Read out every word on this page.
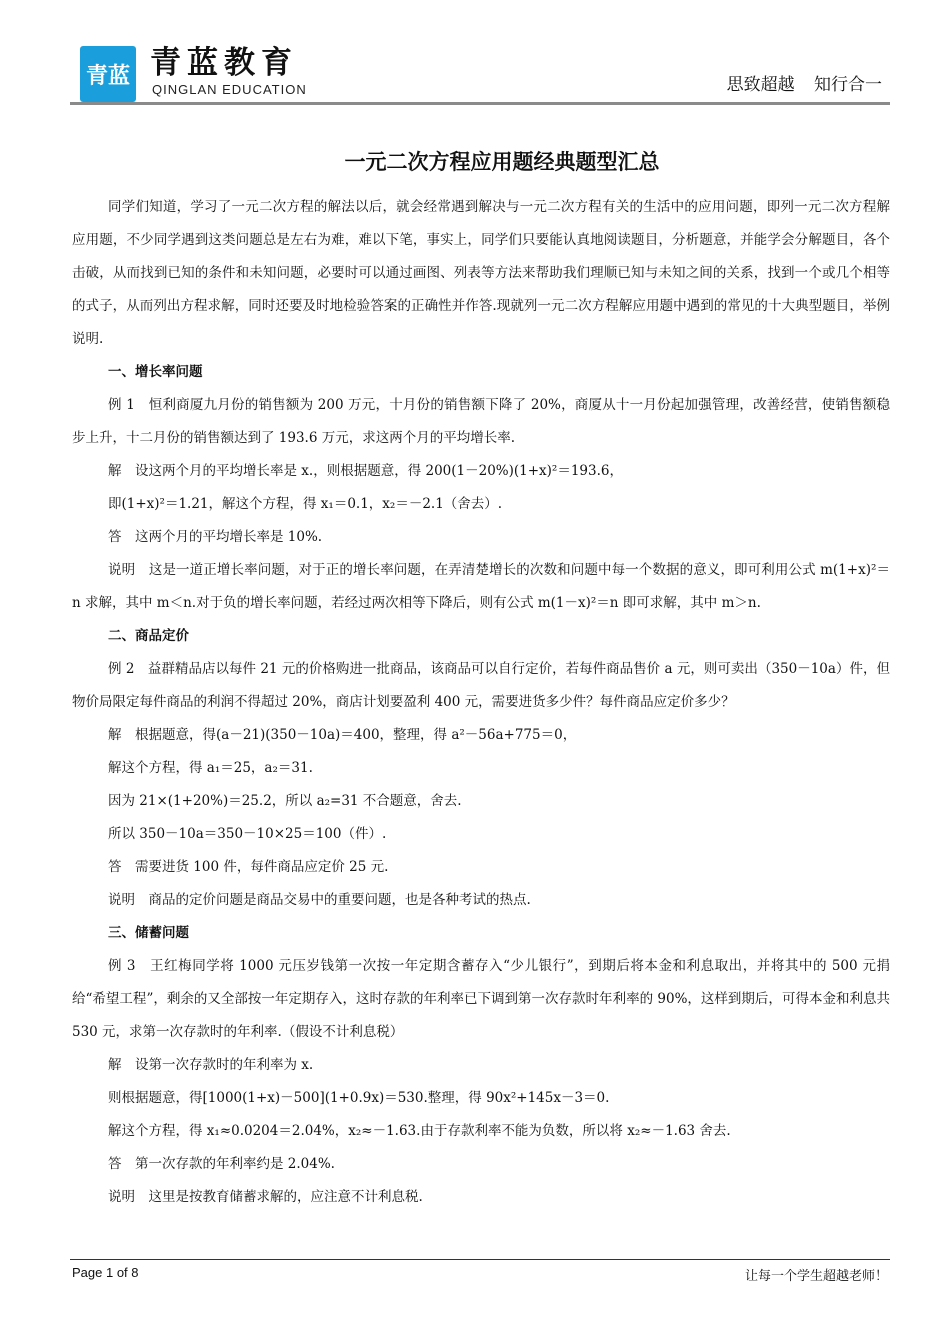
青蓝 青蓝教育
QINGLAN EDUCATION	思致超越 知行合一
一元二次方程应用题经典题型汇总

同学们知道，学习了一元二次方程的解法以后，就会经常遇到解决与一元二次方程有关的生活中的应用问题，即列一元二次方程解应用题，不少同学遇到这类问题总是左右为难，难以下笔，事实上，同学们只要能认真地阅读题目，分析题意，并能学会分解题目，各个击破，从而找到已知的条件和未知问题，必要时可以通过画图、列表等方法来帮助我们理顺已知与未知之间的关系，找到一个或几个相等的式子，从而列出方程求解，同时还要及时地检验答案的正确性并作答.现就列一元二次方程解应用题中遇到的常见的十大典型题目，举例说明.

一、增长率问题

例 1　恒利商厦九月份的销售额为 200 万元，十月份的销售额下降了 20%，商厦从十一月份起加强管理，改善经营，使销售额稳步上升，十二月份的销售额达到了 193.6 万元，求这两个月的平均增长率.

解　设这两个月的平均增长率是 x.，则根据题意，得 200(1－20%)(1+x)²＝193.6，

即(1+x)²＝1.21，解这个方程，得 x₁＝0.1，x₂＝－2.1（舍去）.

答　这两个月的平均增长率是 10%.

说明　这是一道正增长率问题，对于正的增长率问题，在弄清楚增长的次数和问题中每一个数据的意义，即可利用公式 m(1+x)²＝n 求解，其中 m＜n.对于负的增长率问题，若经过两次相等下降后，则有公式 m(1－x)²＝n 即可求解，其中 m＞n.

二、商品定价

例 2　益群精品店以每件 21 元的价格购进一批商品，该商品可以自行定价，若每件商品售价 a 元，则可卖出（350－10a）件，但物价局限定每件商品的利润不得超过 20%，商店计划要盈利 400 元，需要进货多少件？每件商品应定价多少？

解　根据题意，得(a－21)(350－10a)＝400，整理，得 a²－56a+775＝0，

解这个方程，得 a₁＝25，a₂＝31.

因为 21×(1+20%)＝25.2，所以 a₂=31 不合题意，舍去.

所以 350－10a＝350－10×25＝100（件）.

答　需要进货 100 件，每件商品应定价 25 元.

说明　商品的定价问题是商品交易中的重要问题，也是各种考试的热点.

三、储蓄问题

例 3　王红梅同学将 1000 元压岁钱第一次按一年定期含蓄存入“少儿银行”，到期后将本金和利息取出，并将其中的 500 元捐给“希望工程”，剩余的又全部按一年定期存入，这时存款的年利率已下调到第一次存款时年利率的 90%，这样到期后，可得本金和利息共 530 元，求第一次存款时的年利率.（假设不计利息税）

解　设第一次存款时的年利率为 x.

则根据题意，得[1000(1+x)－500](1+0.9x)＝530.整理，得 90x²+145x－3＝0.

解这个方程，得 x₁≈0.0204＝2.04%，x₂≈－1.63.由于存款利率不能为负数，所以将 x₂≈－1.63 舍去.

答　第一次存款的年利率约是 2.04%.

说明　这里是按教育储蓄求解的，应注意不计利息税.

Page 1 of 8	让每一个学生超越老师！
